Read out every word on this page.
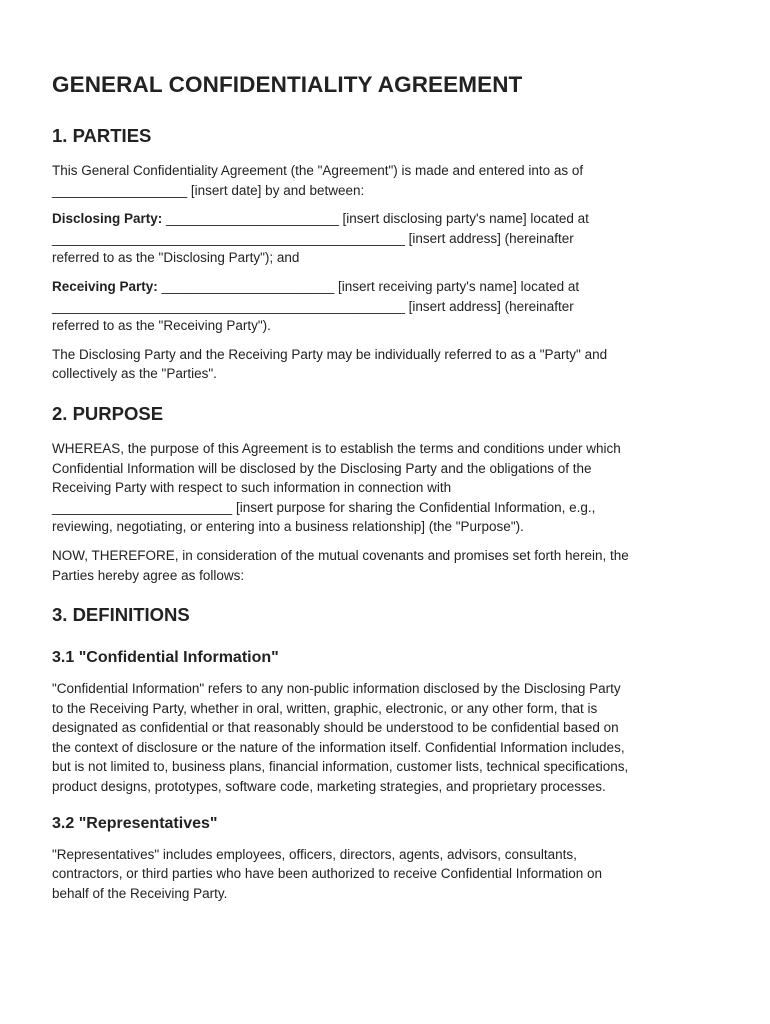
GENERAL CONFIDENTIALITY AGREEMENT
1. PARTIES

This General Confidentiality Agreement (the "Agreement") is made and entered into as of
__________________ [insert date] by and between:

Disclosing Party: _______________________ [insert disclosing party's name] located at
_______________________________________________ [insert address] (hereinafter
referred to as the "Disclosing Party"); and

Receiving Party: _______________________ [insert receiving party's name] located at
_______________________________________________ [insert address] (hereinafter
referred to as the "Receiving Party").

The Disclosing Party and the Receiving Party may be individually referred to as a "Party" and
collectively as the "Parties".

2. PURPOSE

WHEREAS, the purpose of this Agreement is to establish the terms and conditions under which
Confidential Information will be disclosed by the Disclosing Party and the obligations of the
Receiving Party with respect to such information in connection with
________________________ [insert purpose for sharing the Confidential Information, e.g.,
reviewing, negotiating, or entering into a business relationship] (the "Purpose").

NOW, THEREFORE, in consideration of the mutual covenants and promises set forth herein, the
Parties hereby agree as follows:

3. DEFINITIONS
3.1 "Confidential Information"

"Confidential Information" refers to any non-public information disclosed by the Disclosing Party
to the Receiving Party, whether in oral, written, graphic, electronic, or any other form, that is
designated as confidential or that reasonably should be understood to be confidential based on
the context of disclosure or the nature of the information itself. Confidential Information includes,
but is not limited to, business plans, financial information, customer lists, technical specifications,
product designs, prototypes, software code, marketing strategies, and proprietary processes.

3.2 "Representatives"

"Representatives" includes employees, officers, directors, agents, advisors, consultants,
contractors, or third parties who have been authorized to receive Confidential Information on
behalf of the Receiving Party.
